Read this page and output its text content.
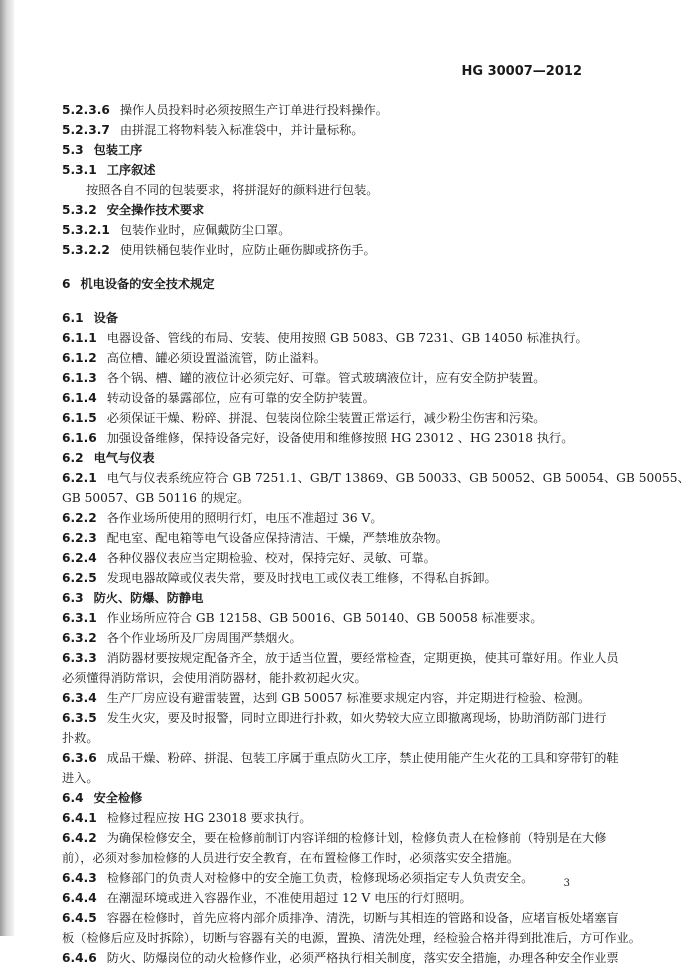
HG 30007—2012
5.2.3.6 操作人员投料时必须按照生产订单进行投料操作。
5.2.3.7 由拼混工将物料装入标准袋中，并计量标称。
5.3 包装工序
5.3.1 工序叙述
按照各自不同的包装要求，将拼混好的颜料进行包装。
5.3.2 安全操作技术要求
5.3.2.1 包装作业时，应佩戴防尘口罩。
5.3.2.2 使用铁桶包装作业时，应防止砸伤脚或挤伤手。
6 机电设备的安全技术规定
6.1 设备
6.1.1 电器设备、管线的布局、安装、使用按照 GB 5083、GB 7231、GB 14050 标准执行。
6.1.2 高位槽、罐必须设置溢流管，防止溢料。
6.1.3 各个锅、槽、罐的液位计必须完好、可靠。管式玻璃液位计，应有安全防护装置。
6.1.4 转动设备的暴露部位，应有可靠的安全防护装置。
6.1.5 必须保证干燥、粉碎、拼混、包装岗位除尘装置正常运行，减少粉尘伤害和污染。
6.1.6 加强设备维修，保持设备完好，设备使用和维修按照 HG 23012 、HG 23018 执行。
6.2 电气与仪表
6.2.1 电气与仪表系统应符合 GB 7251.1、GB/T 13869、GB 50033、GB 50052、GB 50054、GB 50055、
GB 50057、GB 50116 的规定。
6.2.2 各作业场所使用的照明行灯，电压不准超过 36 V。
6.2.3 配电室、配电箱等电气设备应保持清洁、干燥，严禁堆放杂物。
6.2.4 各种仪器仪表应当定期检验、校对，保持完好、灵敏、可靠。
6.2.5 发现电器故障或仪表失常，要及时找电工或仪表工维修，不得私自拆卸。
6.3 防火、防爆、防静电
6.3.1 作业场所应符合 GB 12158、GB 50016、GB 50140、GB 50058 标准要求。
6.3.2 各个作业场所及厂房周围严禁烟火。
6.3.3 消防器材要按规定配备齐全，放于适当位置，要经常检查，定期更换，使其可靠好用。作业人员
必须懂得消防常识，会使用消防器材，能扑救初起火灾。
6.3.4 生产厂房应设有避雷装置，达到 GB 50057 标准要求规定内容，并定期进行检验、检测。
6.3.5 发生火灾，要及时报警，同时立即进行扑救，如火势较大应立即撤离现场，协助消防部门进行
扑救。
6.3.6 成品干燥、粉碎、拼混、包装工序属于重点防火工序，禁止使用能产生火花的工具和穿带钉的鞋
进入。
6.4 安全检修
6.4.1 检修过程应按 HG 23018 要求执行。
6.4.2 为确保检修安全，要在检修前制订内容详细的检修计划，检修负责人在检修前（特别是在大修
前），必须对参加检修的人员进行安全教育，在布置检修工作时，必须落实安全措施。
6.4.3 检修部门的负责人对检修中的安全施工负责，检修现场必须指定专人负责安全。
6.4.4 在潮湿环境或进入容器作业，不准使用超过 12 V 电压的行灯照明。
6.4.5 容器在检修时，首先应将内部介质排净、清洗，切断与其相连的管路和设备，应堵盲板处堵塞盲
板（检修后应及时拆除），切断与容器有关的电源，置换、清洗处理，经检验合格并得到批准后，方可作业。
6.4.6 防火、防爆岗位的动火检修作业，必须严格执行相关制度，落实安全措施，办理各种安全作业票
3
